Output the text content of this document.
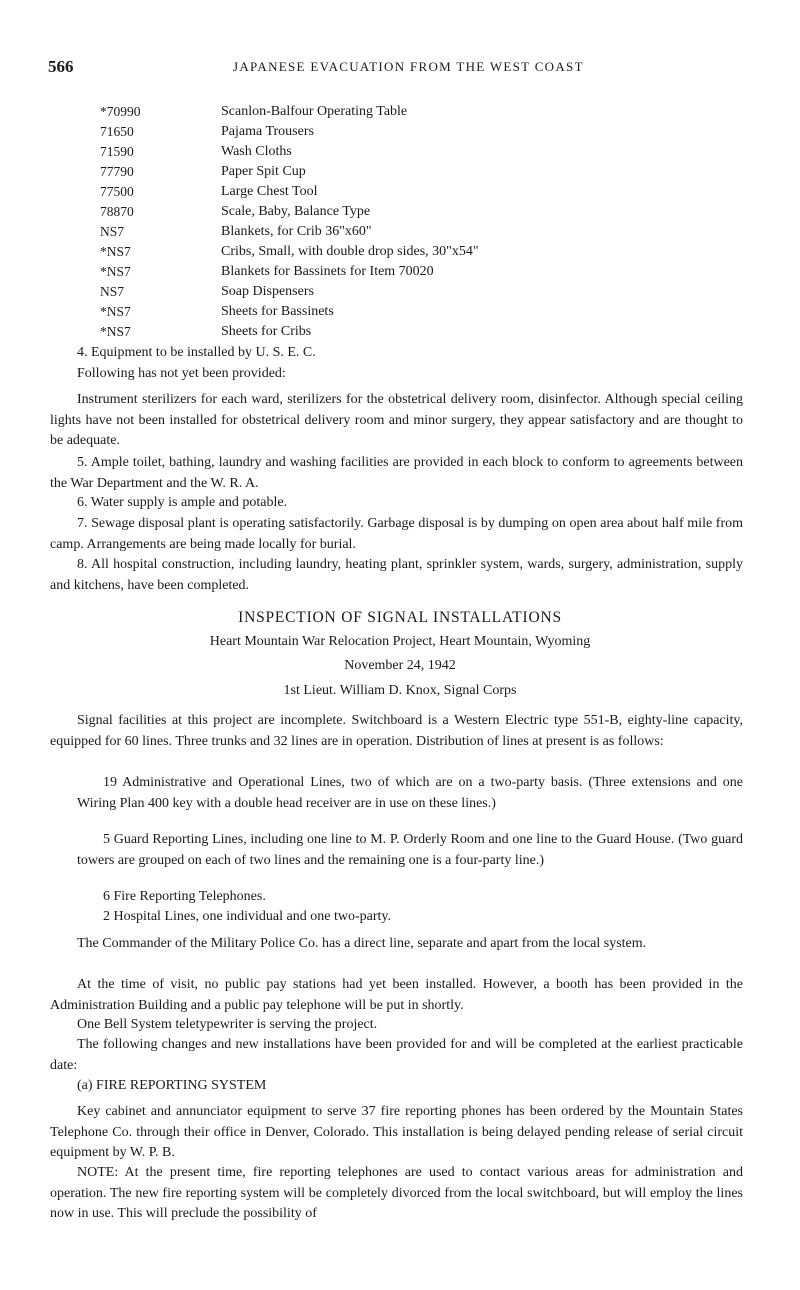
566	JAPANESE EVACUATION FROM THE WEST COAST
*70990	Scanlon-Balfour Operating Table
71650	Pajama Trousers
71590	Wash Cloths
77790	Paper Spit Cup
77500	Large Chest Tool
78870	Scale, Baby, Balance Type
NS7	Blankets, for Crib 36"x60"
*NS7	Cribs, Small, with double drop sides, 30"x54"
*NS7	Blankets for Bassinets for Item 70020
NS7	Soap Dispensers
*NS7	Sheets for Bassinets
*NS7	Sheets for Cribs

4. Equipment to be installed by U. S. E. C.

Following has not yet been provided:

Instrument sterilizers for each ward, sterilizers for the obstetrical delivery room, disinfector. Although special ceiling lights have not been installed for obstetrical delivery room and minor surgery, they appear satisfactory and are thought to be adequate.

5. Ample toilet, bathing, laundry and washing facilities are provided in each block to conform to agreements between the War Department and the W. R. A.

6. Water supply is ample and potable.

7. Sewage disposal plant is operating satisfactorily. Garbage disposal is by dumping on open area about half mile from camp. Arrangements are being made locally for burial.

8. All hospital construction, including laundry, heating plant, sprinkler system, wards, surgery, administration, supply and kitchens, have been completed.

INSPECTION OF SIGNAL INSTALLATIONS
Heart Mountain War Relocation Project, Heart Mountain, Wyoming
November 24, 1942
1st Lieut. William D. Knox, Signal Corps

Signal facilities at this project are incomplete. Switchboard is a Western Electric type 551-B, eighty-line capacity, equipped for 60 lines. Three trunks and 32 lines are in operation. Distribution of lines at present is as follows:

19 Administrative and Operational Lines, two of which are on a two-party basis. (Three extensions and one Wiring Plan 400 key with a double head receiver are in use on these lines.)

5 Guard Reporting Lines, including one line to M. P. Orderly Room and one line to the Guard House. (Two guard towers are grouped on each of two lines and the remaining one is a four-party line.)

6 Fire Reporting Telephones.

2 Hospital Lines, one individual and one two-party.

The Commander of the Military Police Co. has a direct line, separate and apart from the local system.

At the time of visit, no public pay stations had yet been installed. However, a booth has been provided in the Administration Building and a public pay telephone will be put in shortly.

One Bell System teletypewriter is serving the project.

The following changes and new installations have been provided for and will be completed at the earliest practicable date:

(a) FIRE REPORTING SYSTEM

Key cabinet and annunciator equipment to serve 37 fire reporting phones has been ordered by the Mountain States Telephone Co. through their office in Denver, Colorado. This installation is being delayed pending release of serial circuit equipment by W. P. B.

NOTE: At the present time, fire reporting telephones are used to contact various areas for administration and operation. The new fire reporting system will be completely divorced from the local switchboard, but will employ the lines now in use. This will preclude the possibility of
